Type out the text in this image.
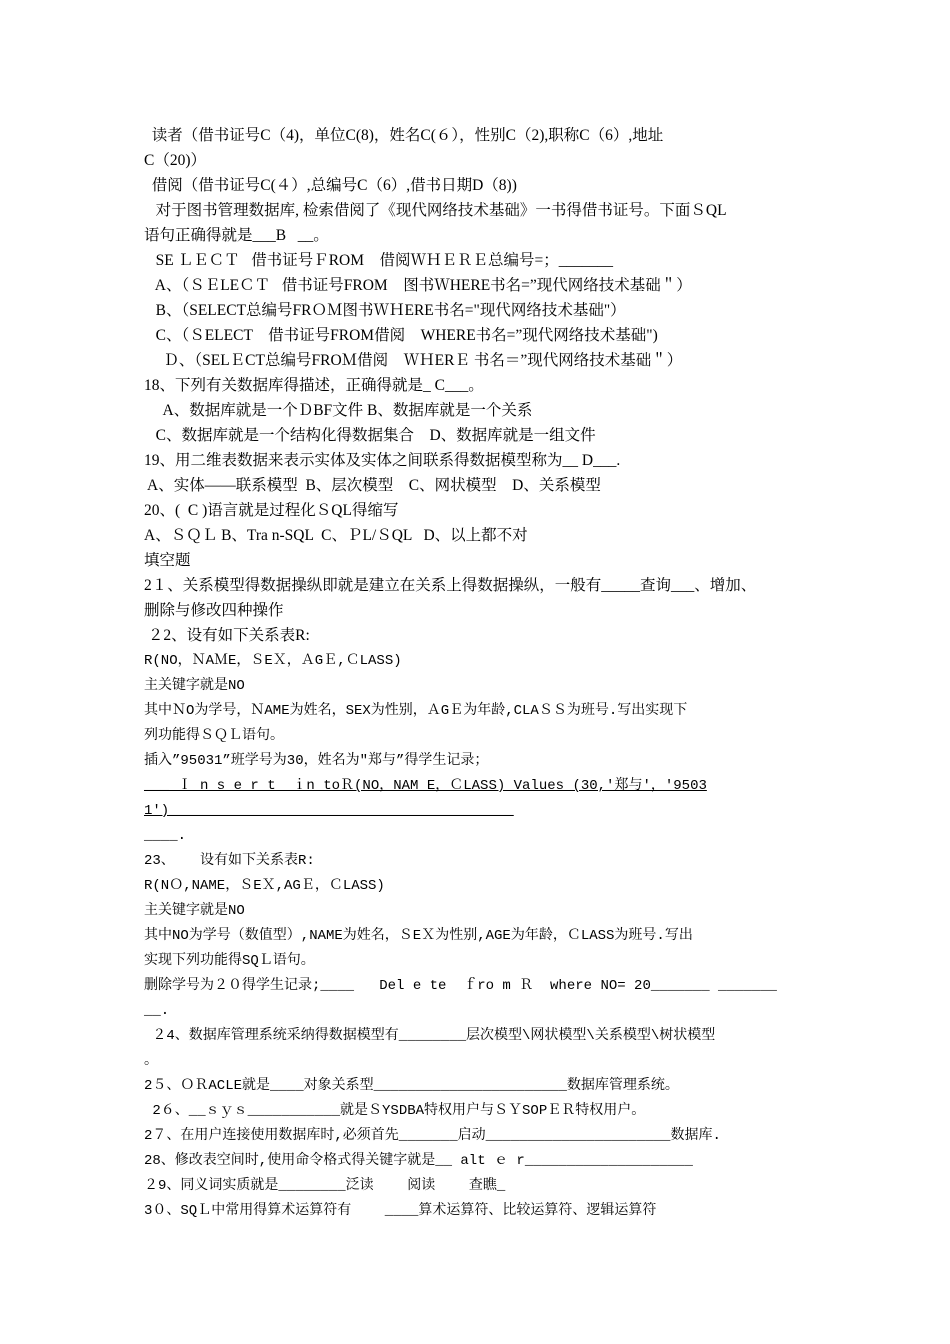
读者（借书证号C（4)，单位C(8)，姓名C(６），性别C（2),职称C（6）,地址
C（20)）
借阅（借书证号C(４）,总编号C（6）,借书日期D（8))
对于图书管理数据库, 检索借阅了《现代网络技术基础》一书得借书证号。下面ＳQL
语句正确得就是___B   __。
SE ＬＥＣＴ   借书证号ＦROM    借阅ＷＨＥＲＥ总编号=；_______
A、（ＳＥLEＣＴ   借书证号FROM    图书ＷHERE书名=”现代网络技术基础＂）
B、（SELECT总编号FRＯＭ图书ＷＨERE书名="现代网络技术基础"）
C、（ＳELECT    借书证号FROM借阅    WHERE书名=”现代网络技术基础")
Ｄ、（SELＥCT总编号FROＭ借阅    ＷＨERＥ 书名＝”现代网络技术基础＂）
18、下列有关数据库得描述，正确得就是_ C___。
A、数据库就是一个ＤBF文件 B、数据库就是一个关系
C、数据库就是一个结构化得数据集合    D、数据库就是一组文件
19、用二维表数据来表示实体及实体之间联系得数据模型称为__ D___.
A、实体——联系模型  B、层次模型    C、网状模型    D、关系模型
20、(  C )语言就是过程化ＳQL得缩写
A、ＳＱＬ B、Tra n-SQL  C、ＰL/ＳQL   D、以上都不对
填空题
2１、关系模型得数据操纵即就是建立在关系上得数据操纵，一般有_____查询___、增加、
删除与修改四种操作
２2、设有如下关系表R:
R(NO，ＮAＭE，ＳEＸ，ＡGＥ,ＣLASS)
主关键字就是NO
其中ＮO为学号，ＮAME为姓名，SEX为性别，ＡGＥ为年龄,CLAＳＳ为班号.写出实现下
列功能得ＳＱＬ语句。
插入”95031”班学号为30，姓名为"郑与”得学生记录；
___ Ｉ n s e r t  ｉn toＲ(NO，NAM E，ＣLASS) Values (30,'郑与'，'9503
1')_________________________________________
____.
23、   设有如下关系表R:
R(NＯ,NAME，ＳEＸ,AGＥ，ＣLASS)
主关键字就是NO
其中NO为学号（数值型）,NAME为姓名，ＳEＸ为性别,AGE为年龄，ＣLASS为班号.写出
实现下列功能得SQＬ语句。
删除学号为２０得学生记录;____   Del e te  ｆro m Ｒ  where NO= 20_______ _______
__.
２4、数据库管理系统采纳得数据模型有________层次模型\网状模型\关系模型\树状模型
。
2５、ＯＲACLE就是____对象关系型_______________________数据库管理系统。
2６、__ｓｙｓ___________就是ＳYSDBA特权用户与ＳＹSOPＥＲ特权用户。
2７、在用户连接使用数据库时,必须首先_______启动______________________数据库.
28、修改表空间时,使用命令格式得关键字就是__ alt ｅ r____________________
２9、同义词实质就是________泛读    阅读    查瞧_
3０、SQＬ中常用得算术运算符有    ____算术运算符、比较运算符、逻辑运算符
